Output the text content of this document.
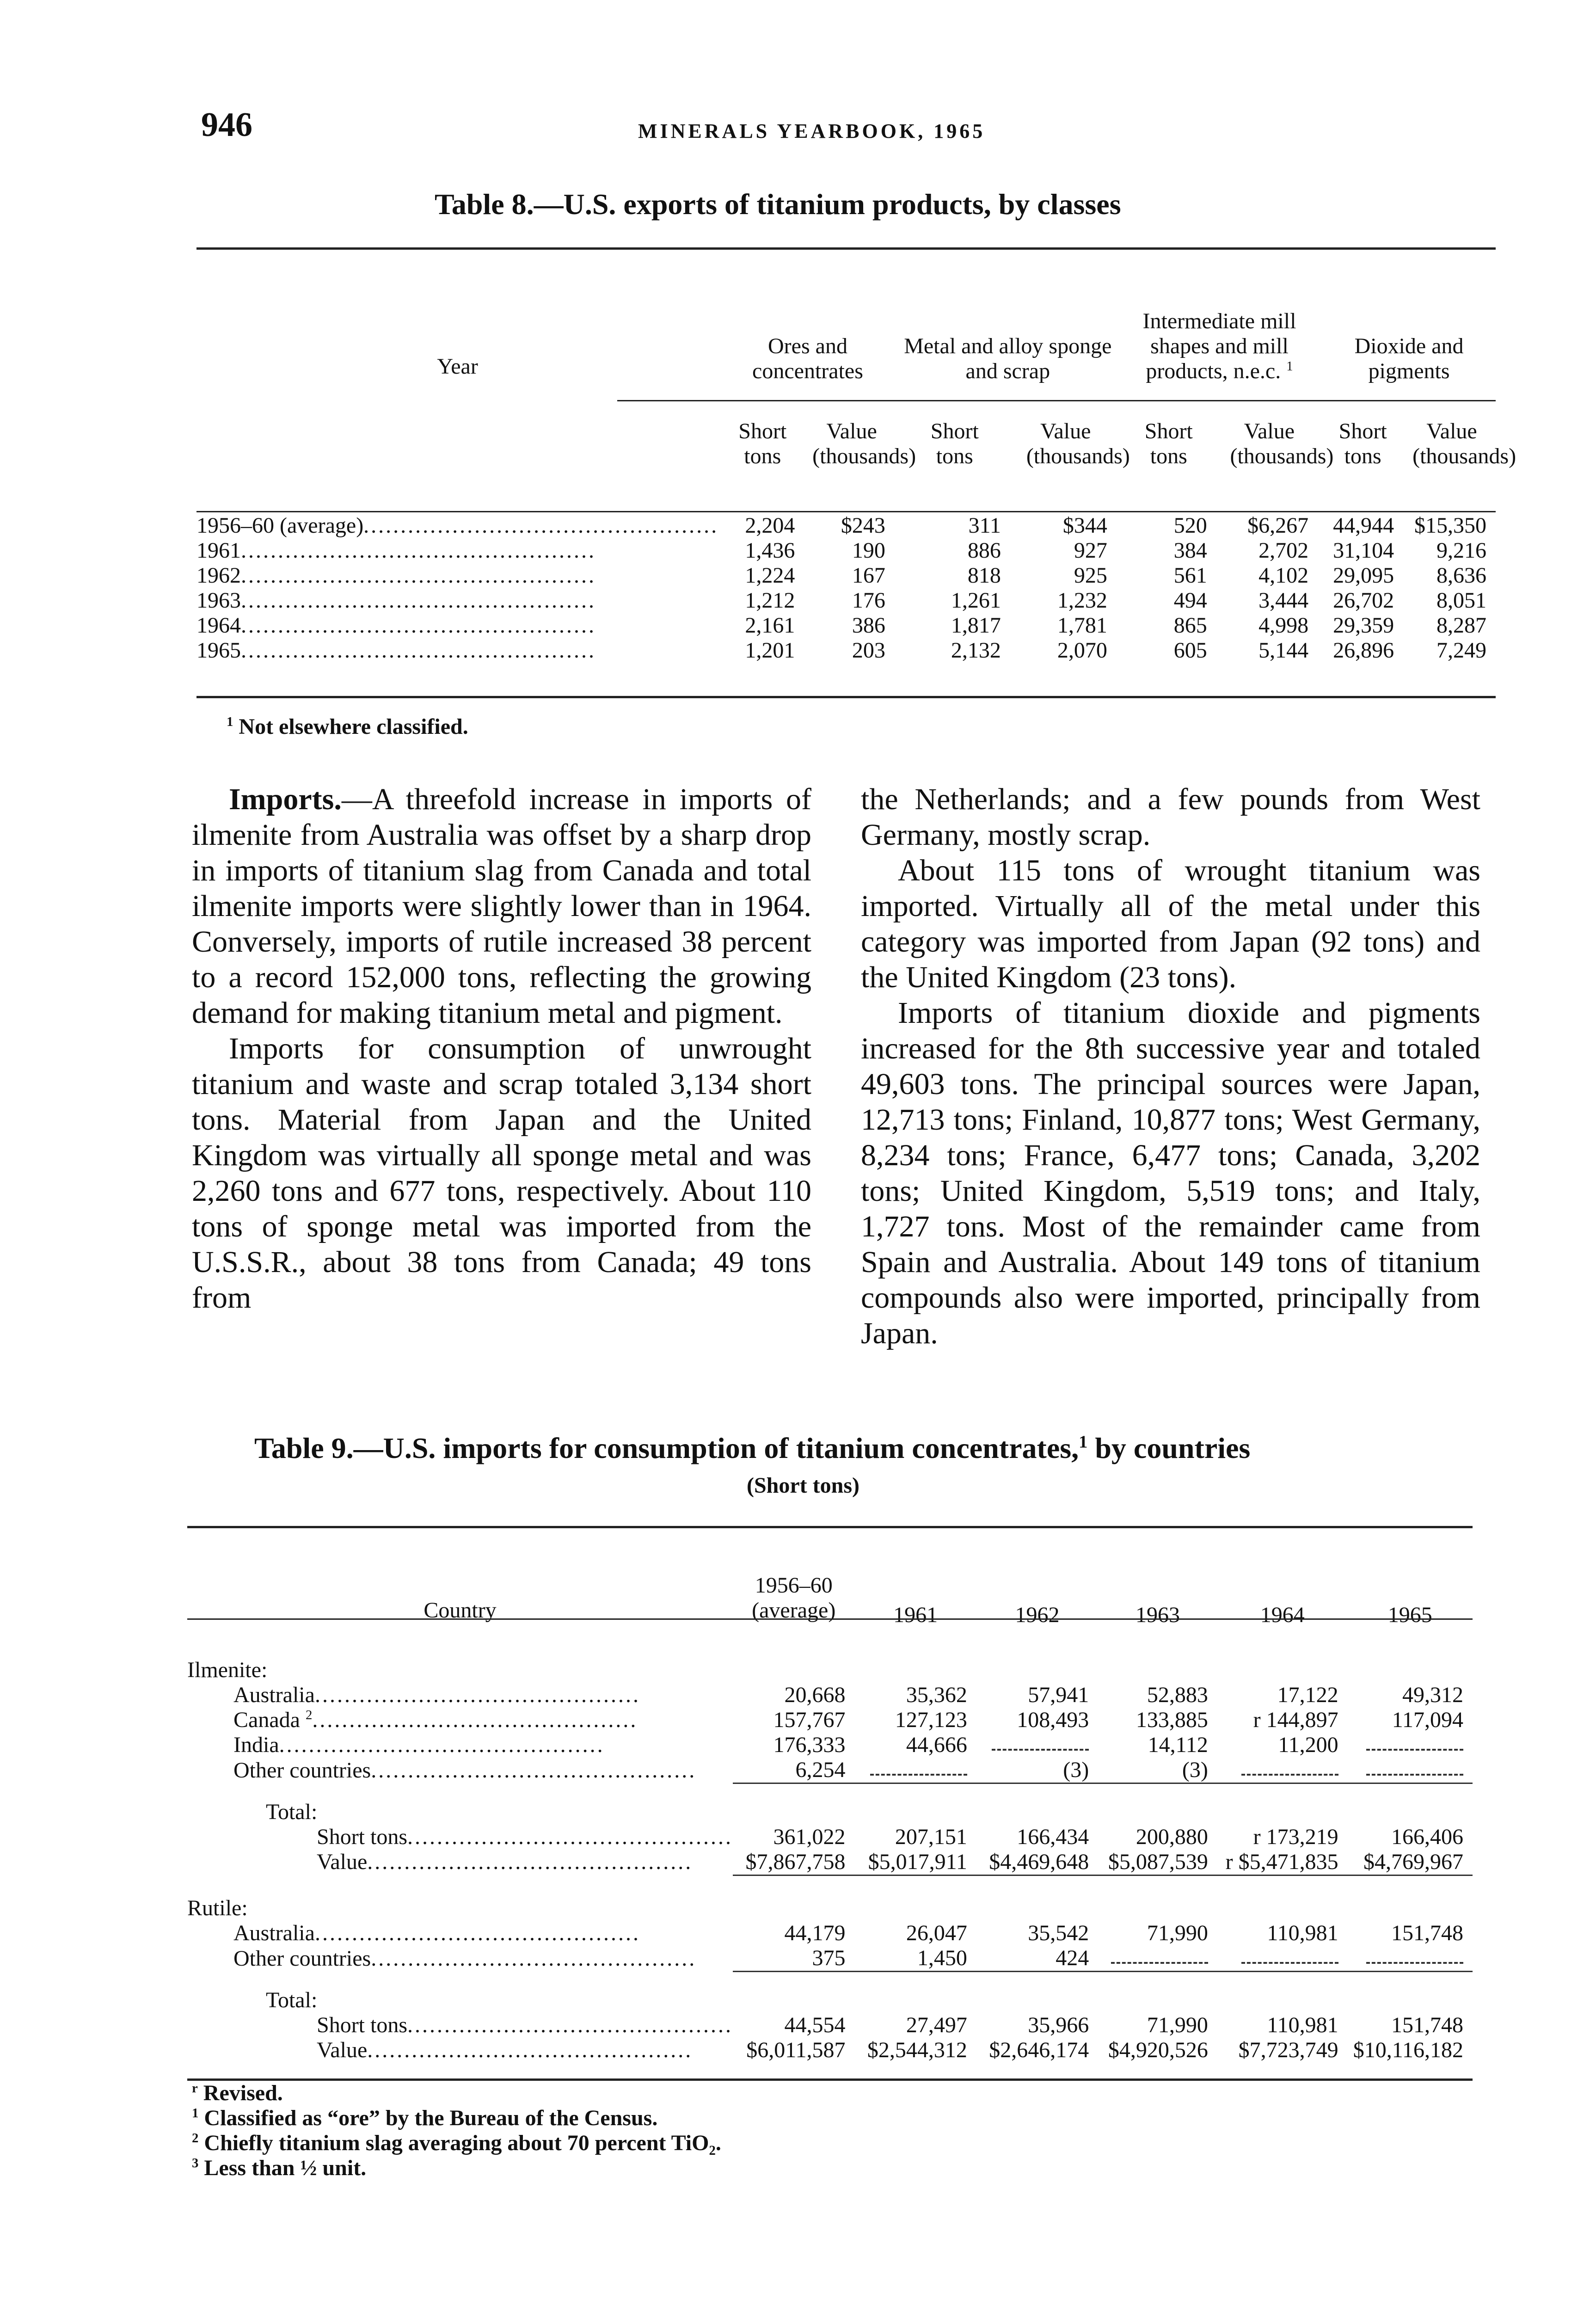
946	MINERALS YEARBOOK, 1965
Table 8.—U.S. exports of titanium products, by classes
Year	Ores and concentrates		Metal and alloy sponge and scrap		Intermediate mill shapes and mill products, n.e.c. $^1$		Dioxide and pigments	

	Short tons	Value (thousands)	Short tons	Value (thousands)	Short tons	Value (thousands)	Short tons	Value (thousands)

1956–60 (average)................................................	2,204	$243	311	$344	520	$6,267	44,944	$15,350
1961................................................	1,436	190	886	927	384	2,702	31,104	9,216
1962................................................	1,224	167	818	925	561	4,102	29,095	8,636
1963................................................	1,212	176	1,261	1,232	494	3,444	26,702	8,051
1964................................................	2,161	386	1,817	1,781	865	4,998	29,359	8,287
1965................................................	1,201	203	2,132	2,070	605	5,144	26,896	7,249
$^1$ Not elsewhere classified.

Imports.—A threefold increase in imports of ilmenite from Australia was offset by a sharp drop in imports of titanium slag from Canada and total ilmenite imports were slightly lower than in 1964. Conversely, imports of rutile increased 38 percent to a record 152,000 tons, reflecting the growing demand for making titanium metal and pigment.

Imports for consumption of unwrought titanium and waste and scrap totaled 3,134 short tons. Material from Japan and the United Kingdom was virtually all sponge metal and was 2,260 tons and 677 tons, respectively. About 110 tons of sponge metal was imported from the U.S.S.R., about 38 tons from Canada; 49 tons from

the Netherlands; and a few pounds from West Germany, mostly scrap.

About 115 tons of wrought titanium was imported. Virtually all of the metal under this category was imported from Japan (92 tons) and the United Kingdom (23 tons).

Imports of titanium dioxide and pigments increased for the 8th successive year and totaled 49,603 tons. The principal sources were Japan, 12,713 tons; Finland, 10,877 tons; West Germany, 8,234 tons; France, 6,477 tons; Canada, 3,202 tons; United Kingdom, 5,519 tons; and Italy, 1,727 tons. Most of the remainder came from Spain and Australia. About 149 tons of titanium compounds also were imported, principally from Japan.

Table 9.—U.S. imports for consumption of titanium concentrates,$^1$ by countries
(Short tons)
Country	1956–60 (average)	1961	1962	1963	1964	1965

Ilmenite:						
Australia............................................	20,668	35,362	57,941	52,883	17,122	49,312
Canada $^2$............................................	157,767	127,123	108,493	133,885	r 144,897	117,094
India............................................	176,333	44,666		14,112	11,200	

Other countries............................................	6,254		(3)	(3)	

Total:						
Short tons............................................	361,022	207,151	166,434	200,880	r 173,219	166,406
Value............................................	$7,867,758	$5,017,911	$4,469,648	$5,087,539	r $5,471,835	$4,769,967

Rutile:						
Australia............................................	44,179	26,047	35,542	71,990	110,981	151,748
Other countries............................................	375	1,450	424	

Total:						
Short tons............................................	44,554	27,497	35,966	71,990	110,981	151,748
Value............................................	$6,011,587	$2,544,312	$2,646,174	$4,920,526	$7,723,749	$10,116,182
$^r$ Revised.
$^1$ Classified as “ore” by the Bureau of the Census.
$^2$ Chiefly titanium slag averaging about 70 percent TiO₂.
$^3$ Less than ½ unit.
